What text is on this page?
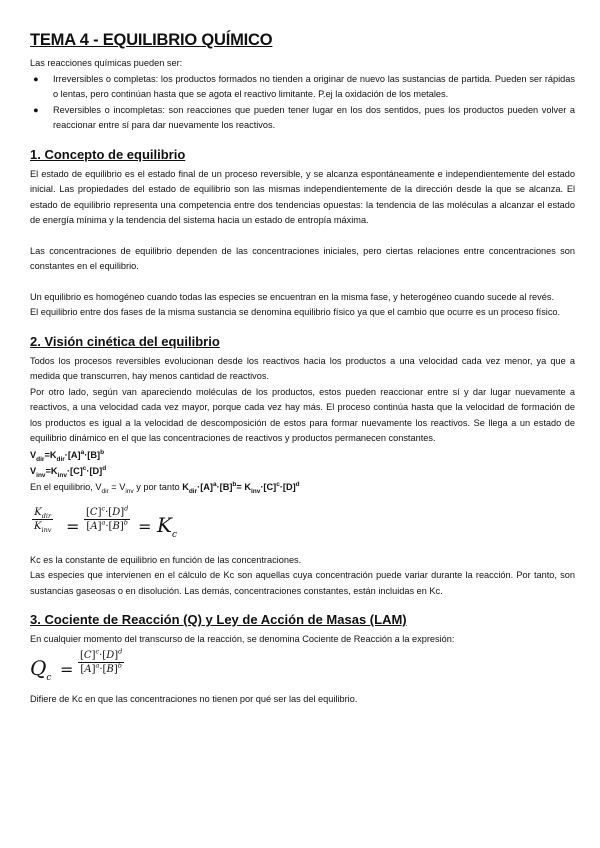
TEMA 4 - EQUILIBRIO QUÍMICO

Las reacciones químicas pueden ser:

● Irreversibles o completas: los productos formados no tienden a originar de nuevo las sustancias de partida. Pueden ser rápidas o lentas, pero continúan hasta que se agota el reactivo limitante. P.ej la oxidación de los metales.
● Reversibles o incompletas: son reacciones que pueden tener lugar en los dos sentidos, pues los productos pueden volver a reaccionar entre sí para dar nuevamente los reactivos.
1. Concepto de equilibrio

El estado de equilibrio es el estado final de un proceso reversible, y se alcanza espontáneamente e independientemente del estado inicial. Las propiedades del estado de equilibrio son las mismas independientemente de la dirección desde la que se alcanza. El estado de equilibrio representa una competencia entre dos tendencias opuestas: la tendencia de las moléculas a alcanzar el estado de energía mínima y la tendencia del sistema hacia un estado de entropía máxima.

Las concentraciones de equilibrio dependen de las concentraciones iniciales, pero ciertas relaciones entre concentraciones son constantes en el equilibrio.

Un equilibrio es homogéneo cuando todas las especies se encuentran en la misma fase, y heterogéneo cuando sucede al revés.

El equilibrio entre dos fases de la misma sustancia se denomina equilibrio físico ya que el cambio que ocurre es un proceso físico.

2. Visión cinética del equilibrio

Todos los procesos reversibles evolucionan desde los reactivos hacia los productos a una velocidad cada vez menor, ya que a medida que transcurren, hay menos cantidad de reactivos.

Por otro lado, según van apareciendo moléculas de los productos, estos pueden reaccionar entre sí y dar lugar nuevamente a reactivos, a una velocidad cada vez mayor, porque cada vez hay más. El proceso continúa hasta que la velocidad de formación de los productos es igual a la velocidad de descomposición de estos para formar nuevamente los reactivos. Se llega a un estado de equilibrio dinámico en el que las concentraciones de reactivos y productos permanecen constantes.

$V_{dir}=K_{dir}\cdot[A]^a\cdot[B]^b$

$V_{inv}=K_{inv}\cdot[C]^c\cdot[D]^d$

En el equilibrio, $V_{dir} = V_{inv}$ y por tanto $K_{dir}\cdot[A]^a\cdot[B]^b= K_{inv}\cdot[C]^c\cdot[D]^d$

$K_{dir}$
$K_{inv} = \frac{[C]^c\cdot[D]^d}{[A]^a\cdot[B]^b} = K_c$

Kc es la constante de equilibrio en función de las concentraciones.

Las especies que intervienen en el cálculo de Kc son aquellas cuya concentración puede variar durante la reacción. Por tanto, son sustancias gaseosas o en disolución. Las demás, concentraciones constantes, están incluidas en Kc.

3. Cociente de Reacción (Q) y Ley de Acción de Masas (LAM)

En cualquier momento del transcurso de la reacción, se denomina Cociente de Reacción a la expresión:

$Q_c = \frac{[C]^c\cdot[D]^d}{[A]^a\cdot[B]^b}$

Difiere de Kc en que las concentraciones no tienen por qué ser las del equilibrio.
